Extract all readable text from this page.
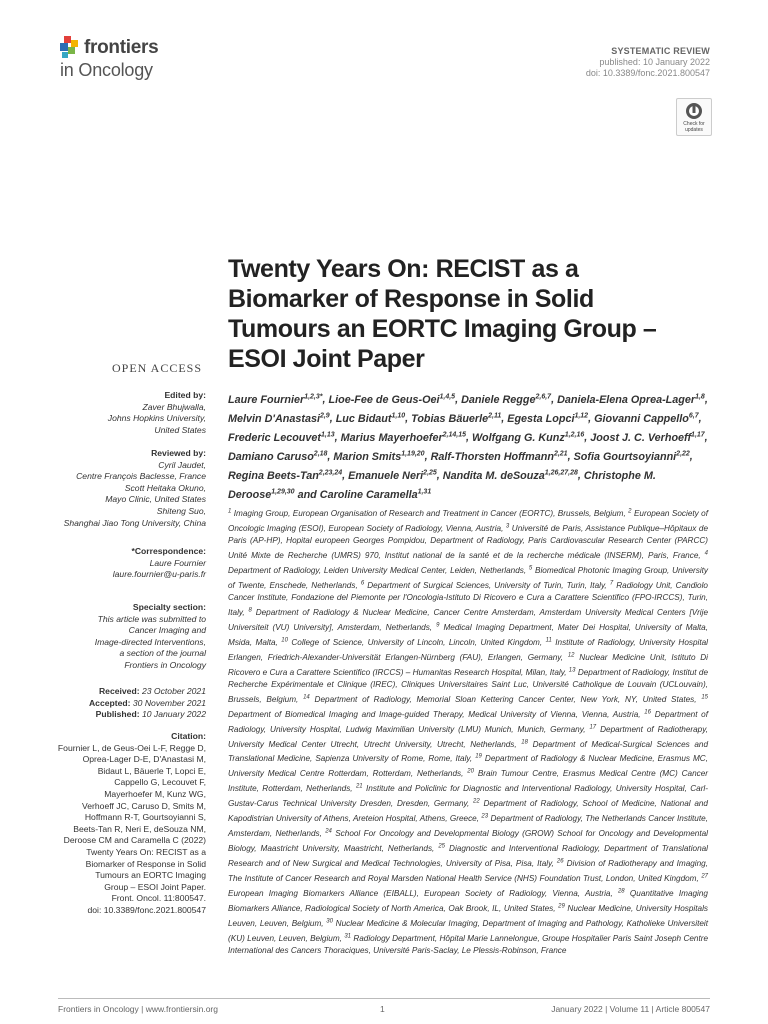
frontiers
in Oncology
SYSTEMATIC REVIEW
published: 10 January 2022
doi: 10.3389/fonc.2021.800547
Check for updates
Twenty Years On: RECIST as a Biomarker of Response in Solid Tumours an EORTC Imaging Group – ESOI Joint Paper
OPEN ACCESS
Edited by:
Zaver Bhujwalla,
Johns Hopkins University,
United States
Reviewed by:
Cyril Jaudet,
Centre François Baclesse, France
Scott Heitaka Okuno,
Mayo Clinic, United States
Shiteng Suo,
Shanghai Jiao Tong University, China
*Correspondence:
Laure Fournier
laure.fournier@u-paris.fr
Specialty section:
This article was submitted to
Cancer Imaging and
Image-directed Interventions,
a section of the journal
Frontiers in Oncology
Received: 23 October 2021
Accepted: 30 November 2021
Published: 10 January 2022
Citation:
Fournier L, de Geus-Oei L-F, Regge D,
Oprea-Lager D-E, D'Anastasi M,
Bidaut L, Bäuerle T, Lopci E,
Cappello G, Lecouvet F,
Mayerhoefer M, Kunz WG,
Verhoeff JC, Caruso D, Smits M,
Hoffmann R-T, Gourtsoyianni S,
Beets-Tan R, Neri E, deSouza NM,
Deroose CM and Caramella C (2022)
Twenty Years On: RECIST as a
Biomarker of Response in Solid
Tumours an EORTC Imaging
Group – ESOI Joint Paper.
Front. Oncol. 11:800547.
doi: 10.3389/fonc.2021.800547
Laure Fournier$^{1,2,3*}$, Lioe-Fee de Geus-Oei$^{1,4,5}$, Daniele Regge$^{2,6,7}$, Daniela-Elena Oprea-Lager$^{1,8}$, Melvin D'Anastasi$^{2,9}$, Luc Bidaut$^{1,10}$, Tobias Bäuerle$^{2,11}$, Egesta Lopci$^{1,12}$, Giovanni Cappello$^{6,7}$, Frederic Lecouvet$^{1,13}$, Marius Mayerhoefer$^{2,14,15}$, Wolfgang G. Kunz$^{1,2,16}$, Joost J. C. Verhoeff$^{1,17}$, Damiano Caruso$^{2,18}$, Marion Smits$^{1,19,20}$, Ralf-Thorsten Hoffmann$^{2,21}$, Sofia Gourtsoyianni$^{2,22}$, Regina Beets-Tan$^{2,23,24}$, Emanuele Neri$^{2,25}$, Nandita M. deSouza$^{1,26,27,28}$, Christophe M. Deroose$^{1,29,30}$ and Caroline Caramella$^{1,31}$
$^1$ Imaging Group, European Organisation of Research and Treatment in Cancer (EORTC), Brussels, Belgium, $^2$ European Society of Oncologic Imaging (ESOI), European Society of Radiology, Vienna, Austria, $^3$ Université de Paris, Assistance Publique–Hôpitaux de Paris (AP-HP), Hopital europeen Georges Pompidou, Department of Radiology, Paris Cardiovascular Research Center (PARCC) Unité Mixte de Recherche (UMRS) 970, Institut national de la santé et de la recherche médicale (INSERM), Paris, France, $^4$ Department of Radiology, Leiden University Medical Center, Leiden, Netherlands, $^5$ Biomedical Photonic Imaging Group, University of Twente, Enschede, Netherlands, $^6$ Department of Surgical Sciences, University of Turin, Turin, Italy, $^7$ Radiology Unit, Candiolo Cancer Institute, Fondazione del Piemonte per l'Oncologia-Istituto Di Ricovero e Cura a Carattere Scientifico (FPO-IRCCS), Turin, Italy, $^8$ Department of Radiology & Nuclear Medicine, Cancer Centre Amsterdam, Amsterdam University Medical Centers [Vrije Universiteit (VU) University], Amsterdam, Netherlands, $^9$ Medical Imaging Department, Mater Dei Hospital, University of Malta, Msida, Malta, $^{10}$ College of Science, University of Lincoln, Lincoln, United Kingdom, $^{11}$ Institute of Radiology, University Hospital Erlangen, Friedrich-Alexander-Universität Erlangen-Nürnberg (FAU), Erlangen, Germany, $^{12}$ Nuclear Medicine Unit, Istituto Di Ricovero e Cura a Carattere Scientifico (IRCCS) – Humanitas Research Hospital, Milan, Italy, $^{13}$ Department of Radiology, Institut de Recherche Expérimentale et Clinique (IREC), Cliniques Universitaires Saint Luc, Université Catholique de Louvain (UCLouvain), Brussels, Belgium, $^{14}$ Department of Radiology, Memorial Sloan Kettering Cancer Center, New York, NY, United States, $^{15}$ Department of Biomedical Imaging and Image-guided Therapy, Medical University of Vienna, Vienna, Austria, $^{16}$ Department of Radiology, University Hospital, Ludwig Maximilian University (LMU) Munich, Munich, Germany, $^{17}$ Department of Radiotherapy, University Medical Center Utrecht, Utrecht University, Utrecht, Netherlands, $^{18}$ Department of Medical-Surgical Sciences and Translational Medicine, Sapienza University of Rome, Rome, Italy, $^{19}$ Department of Radiology & Nuclear Medicine, Erasmus MC, University Medical Centre Rotterdam, Rotterdam, Netherlands, $^{20}$ Brain Tumour Centre, Erasmus Medical Centre (MC) Cancer Institute, Rotterdam, Netherlands, $^{21}$ Institute and Policlinic for Diagnostic and Interventional Radiology, University Hospital, Carl-Gustav-Carus Technical University Dresden, Dresden, Germany, $^{22}$ Department of Radiology, School of Medicine, National and Kapodistrian University of Athens, Areteion Hospital, Athens, Greece, $^{23}$ Department of Radiology, The Netherlands Cancer Institute, Amsterdam, Netherlands, $^{24}$ School For Oncology and Developmental Biology (GROW) School for Oncology and Developmental Biology, Maastricht University, Maastricht, Netherlands, $^{25}$ Diagnostic and Interventional Radiology, Department of Translational Research and of New Surgical and Medical Technologies, University of Pisa, Pisa, Italy, $^{26}$ Division of Radiotherapy and Imaging, The Institute of Cancer Research and Royal Marsden National Health Service (NHS) Foundation Trust, London, United Kingdom, $^{27}$ European Imaging Biomarkers Alliance (EIBALL), European Society of Radiology, Vienna, Austria, $^{28}$ Quantitative Imaging Biomarkers Alliance, Radiological Society of North America, Oak Brook, IL, United States, $^{29}$ Nuclear Medicine, University Hospitals Leuven, Leuven, Belgium, $^{30}$ Nuclear Medicine & Molecular Imaging, Department of Imaging and Pathology, Katholieke Universiteit (KU) Leuven, Leuven, Belgium, $^{31}$ Radiology Department, Hôpital Marie Lannelongue, Groupe Hospitalier Paris Saint Joseph Centre International des Cancers Thoraciques, Université Paris-Saclay, Le Plessis-Robinson, France
Frontiers in Oncology | www.frontiersin.org	1	January 2022 | Volume 11 | Article 800547
